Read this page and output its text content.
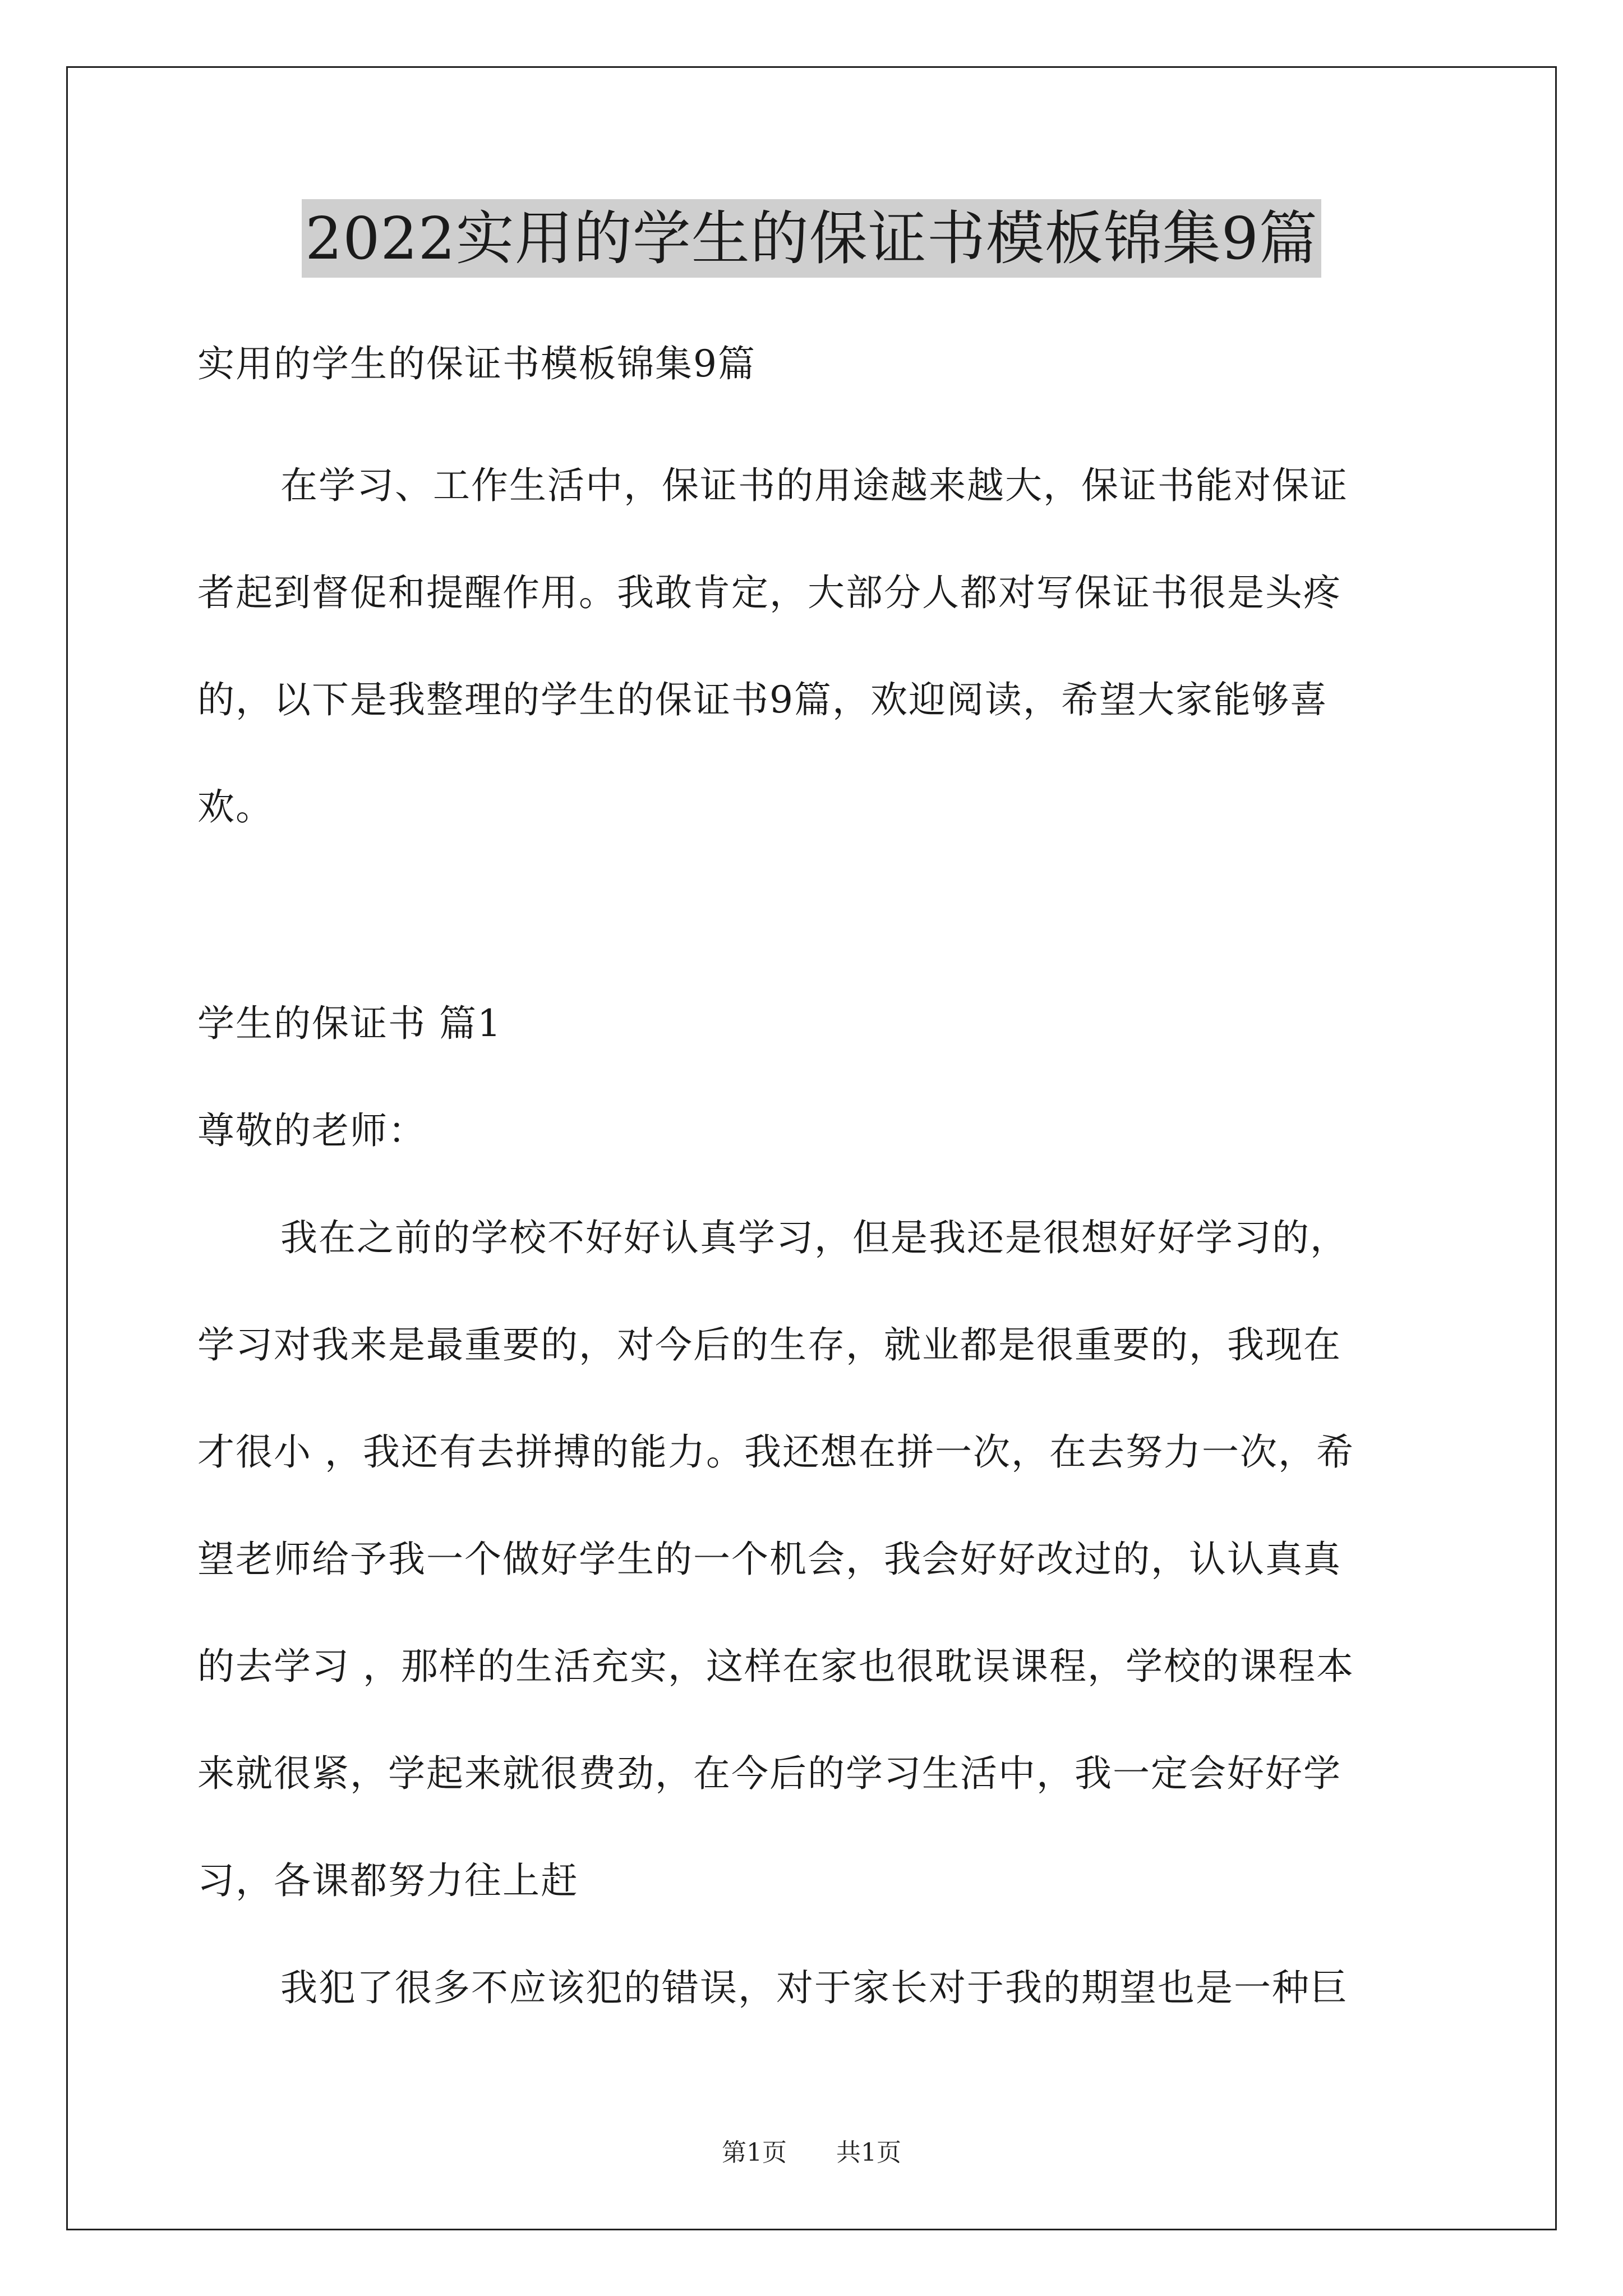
2022实用的学生的保证书模板锦集9篇

实用的学生的保证书模板锦集9篇

在学习、工作生活中，保证书的用途越来越大，保证书能对保证

者起到督促和提醒作用。我敢肯定，大部分人都对写保证书很是头疼

的，以下是我整理的学生的保证书9篇，欢迎阅读，希望大家能够喜

欢。

学生的保证书 篇1

尊敬的老师：

我在之前的学校不好好认真学习，但是我还是很想好好学习的，

学习对我来是最重要的，对今后的生存，就业都是很重要的，我现在

才很小 ，我还有去拼搏的能力。我还想在拼一次，在去努力一次，希

望老师给予我一个做好学生的一个机会，我会好好改过的，认认真真

的去学习 ，那样的生活充实，这样在家也很耽误课程，学校的课程本

来就很紧，学起来就很费劲，在今后的学习生活中，我一定会好好学

习，各课都努力往上赶

我犯了很多不应该犯的错误，对于家长对于我的期望也是一种巨

第1页 共1页
